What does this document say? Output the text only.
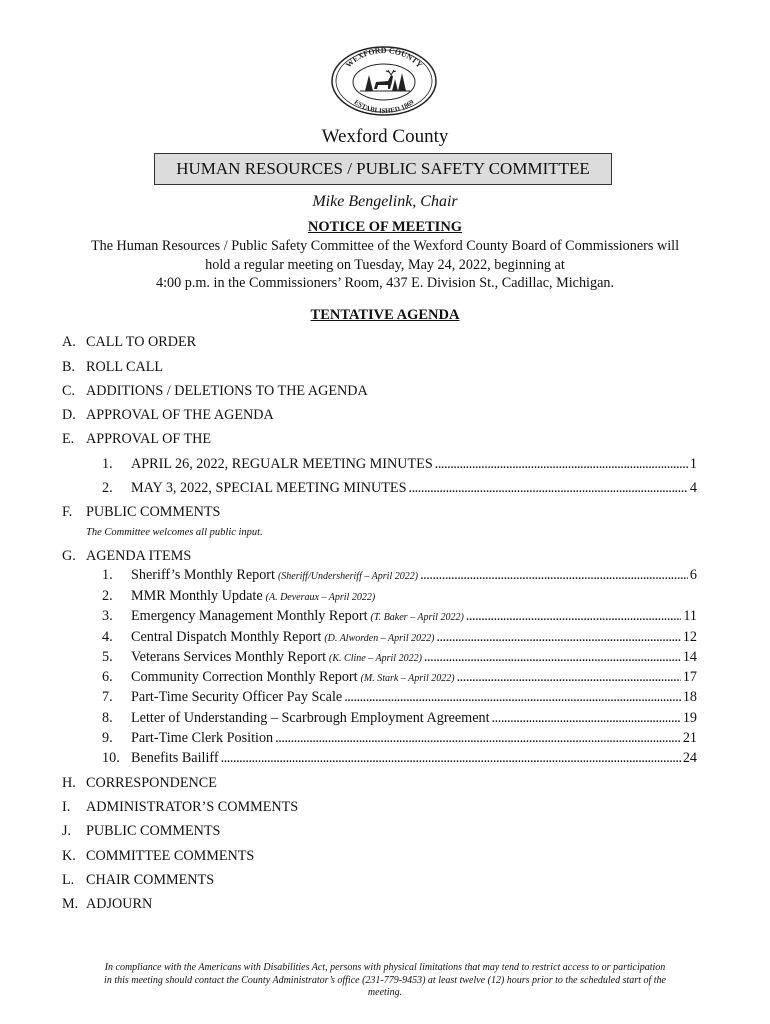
WEXFORD COUNTY
ESTABLISHED 1869
Wexford County
HUMAN RESOURCES / PUBLIC SAFETY COMMITTEE
Mike Bengelink, Chair
NOTICE OF MEETING
The Human Resources / Public Safety Committee of the Wexford County Board of Commissioners will
hold a regular meeting on Tuesday, May 24, 2022, beginning at
4:00 p.m. in the Commissioners’ Room, 437 E. Division St., Cadillac, Michigan.
TENTATIVE AGENDA
A. CALL TO ORDER
B. ROLL CALL
C. ADDITIONS / DELETIONS TO THE AGENDA
D. APPROVAL OF THE AGENDA
E. APPROVAL OF THE
1. APRIL 26, 2022, REGUALR MEETING MINUTES . . .	1
2. MAY 3, 2022, SPECIAL MEETING MINUTES . . .	4
F. PUBLIC COMMENTS
The Committee welcomes all public input.
G. AGENDA ITEMS
1. Sheriff’s Monthly Report (Sheriff/Undersheriff – April 2022) . . .	6
2. MMR Monthly Update (A. Deveraux – April 2022)
3. Emergency Management Monthly Report (T. Baker – April 2022) . . .	11
4. Central Dispatch Monthly Report (D. Alworden – April 2022) . . .	12
5. Veterans Services Monthly Report (K. Cline – April 2022) . . .	14
6. Community Correction Monthly Report (M. Stark – April 2022) . . .	17
7. Part-Time Security Officer Pay Scale . . .	18
8. Letter of Understanding – Scarbrough Employment Agreement . . .	19
9. Part-Time Clerk Position . . .	21
10. Benefits Bailiff . . .	24
H. CORRESPONDENCE
I. ADMINISTRATOR’S COMMENTS
J. PUBLIC COMMENTS
K. COMMITTEE COMMENTS
L. CHAIR COMMENTS
M. ADJOURN
In compliance with the Americans with Disabilities Act, persons with physical limitations that may tend to restrict access to or participation
in this meeting should contact the County Administrator’s office (231-779-9453) at least twelve (12) hours prior to the scheduled start of the
meeting.
